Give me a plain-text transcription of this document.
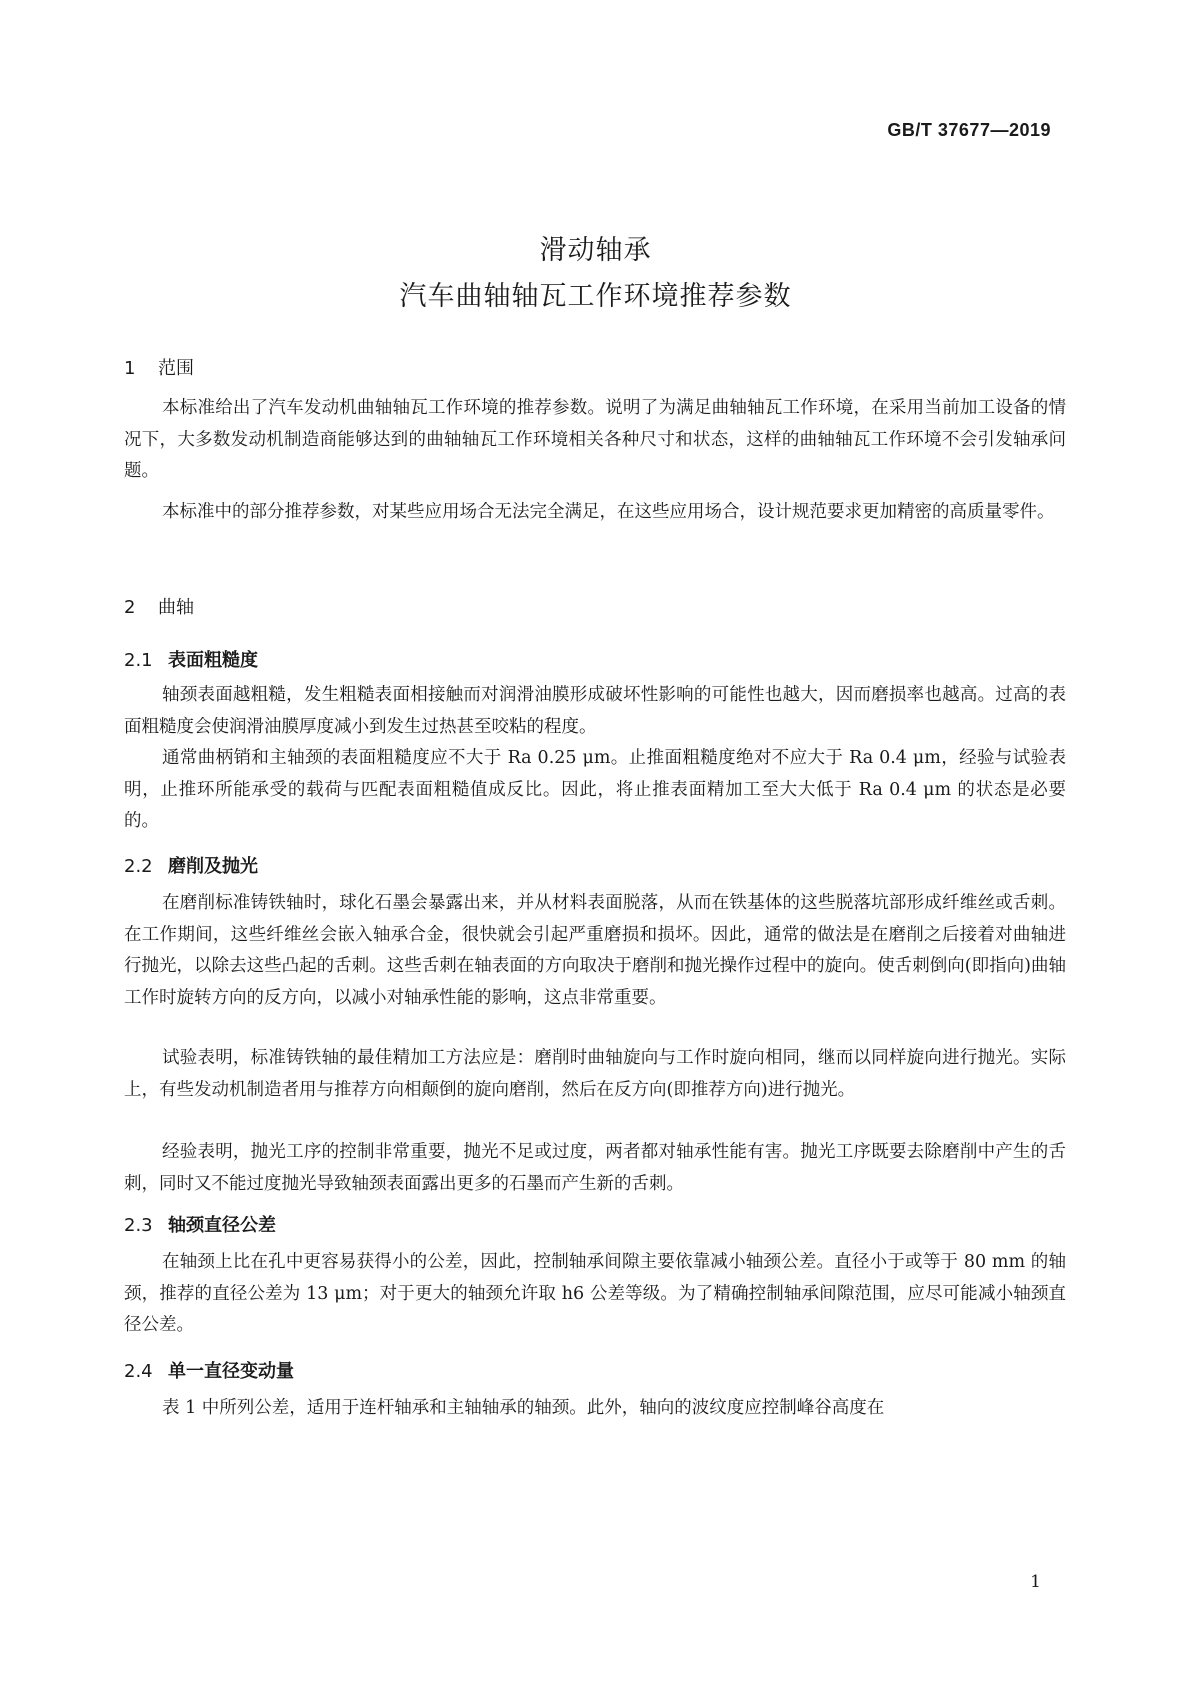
GB/T 37677—2019
滑动轴承
汽车曲轴轴瓦工作环境推荐参数
1 范围

本标准给出了汽车发动机曲轴轴瓦工作环境的推荐参数。说明了为满足曲轴轴瓦工作环境，在采用当前加工设备的情况下，大多数发动机制造商能够达到的曲轴轴瓦工作环境相关各种尺寸和状态，这样的曲轴轴瓦工作环境不会引发轴承问题。

本标准中的部分推荐参数，对某些应用场合无法完全满足，在这些应用场合，设计规范要求更加精密的高质量零件。

2 曲轴
2.1 表面粗糙度

轴颈表面越粗糙，发生粗糙表面相接触而对润滑油膜形成破坏性影响的可能性也越大，因而磨损率也越高。过高的表面粗糙度会使润滑油膜厚度减小到发生过热甚至咬粘的程度。

通常曲柄销和主轴颈的表面粗糙度应不大于 Ra 0.25 μm。止推面粗糙度绝对不应大于 Ra 0.4 μm，经验与试验表明，止推环所能承受的载荷与匹配表面粗糙值成反比。因此，将止推表面精加工至大大低于 Ra 0.4 μm 的状态是必要的。

2.2 磨削及抛光

在磨削标准铸铁轴时，球化石墨会暴露出来，并从材料表面脱落，从而在铁基体的这些脱落坑部形成纤维丝或舌刺。在工作期间，这些纤维丝会嵌入轴承合金，很快就会引起严重磨损和损坏。因此，通常的做法是在磨削之后接着对曲轴进行抛光，以除去这些凸起的舌刺。这些舌刺在轴表面的方向取决于磨削和抛光操作过程中的旋向。使舌刺倒向(即指向)曲轴工作时旋转方向的反方向，以减小对轴承性能的影响，这点非常重要。

试验表明，标准铸铁轴的最佳精加工方法应是：磨削时曲轴旋向与工作时旋向相同，继而以同样旋向进行抛光。实际上，有些发动机制造者用与推荐方向相颠倒的旋向磨削，然后在反方向(即推荐方向)进行抛光。

经验表明，抛光工序的控制非常重要，抛光不足或过度，两者都对轴承性能有害。抛光工序既要去除磨削中产生的舌刺，同时又不能过度抛光导致轴颈表面露出更多的石墨而产生新的舌刺。

2.3 轴颈直径公差

在轴颈上比在孔中更容易获得小的公差，因此，控制轴承间隙主要依靠减小轴颈公差。直径小于或等于 80 mm 的轴颈，推荐的直径公差为 13 μm；对于更大的轴颈允许取 h6 公差等级。为了精确控制轴承间隙范围，应尽可能减小轴颈直径公差。

2.4 单一直径变动量

表 1 中所列公差，适用于连杆轴承和主轴轴承的轴颈。此外，轴向的波纹度应控制峰谷高度在

1
